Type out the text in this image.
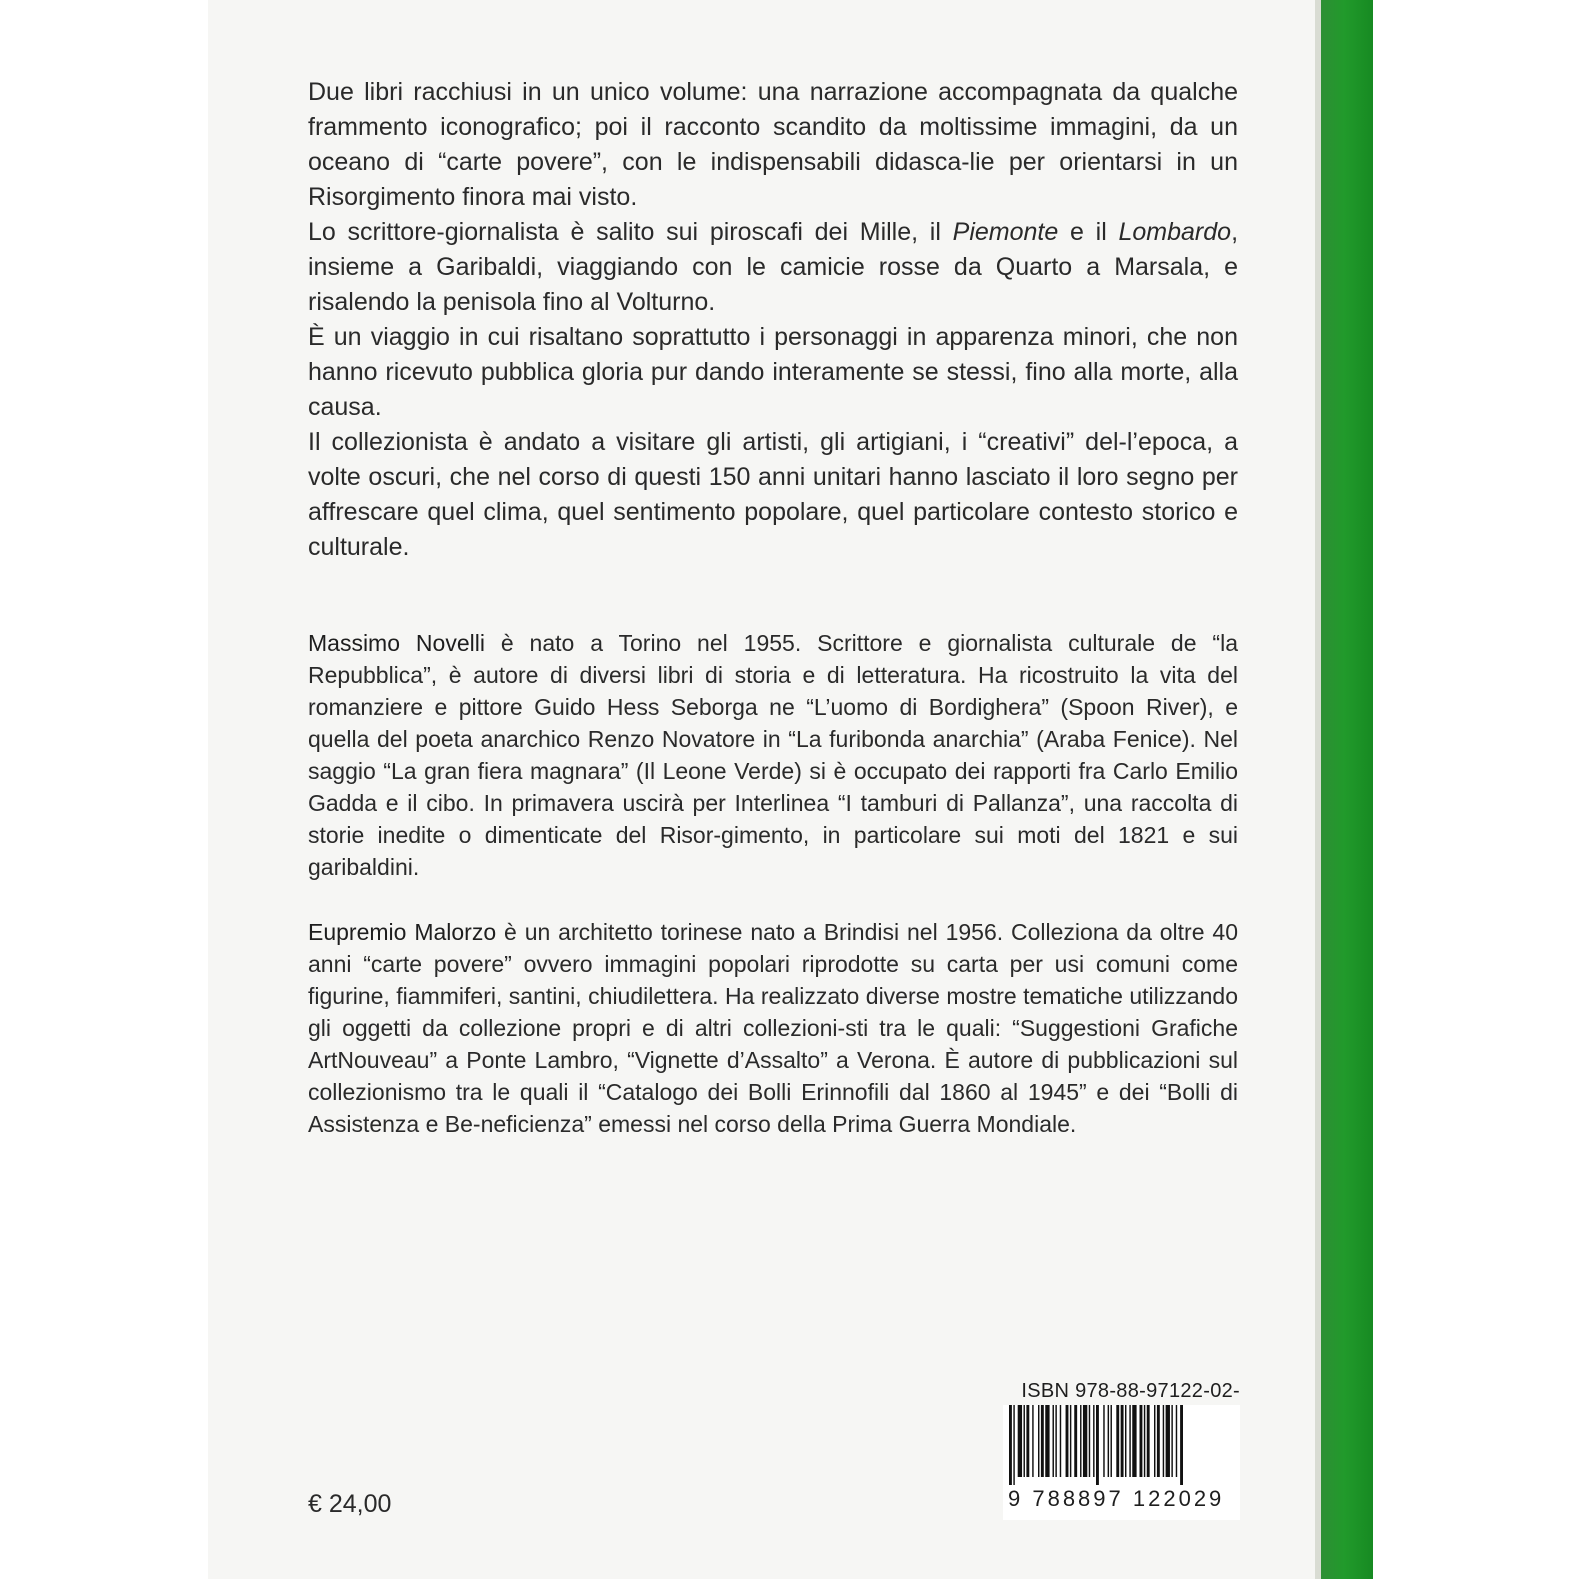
Due libri racchiusi in un unico volume: una narrazione accompagnata da qualche frammento iconografico; poi il racconto scandito da moltissime immagini, da un oceano di “carte povere”, con le indispensabili didasca-lie per orientarsi in un Risorgimento finora mai visto.

Lo scrittore-giornalista è salito sui piroscafi dei Mille, il Piemonte e il Lombardo, insieme a Garibaldi, viaggiando con le camicie rosse da Quarto a Marsala, e risalendo la penisola fino al Volturno.

È un viaggio in cui risaltano soprattutto i personaggi in apparenza minori, che non hanno ricevuto pubblica gloria pur dando interamente se stessi, fino alla morte, alla causa.

Il collezionista è andato a visitare gli artisti, gli artigiani, i “creativi” del-l’epoca, a volte oscuri, che nel corso di questi 150 anni unitari hanno lasciato il loro segno per affrescare quel clima, quel sentimento popolare, quel particolare contesto storico e culturale.

Massimo Novelli è nato a Torino nel 1955. Scrittore e giornalista culturale de “la Repubblica”, è autore di diversi libri di storia e di letteratura. Ha ricostruito la vita del romanziere e pittore Guido Hess Seborga ne “L’uomo di Bordighera” (Spoon River), e quella del poeta anarchico Renzo Novatore in “La furibonda anarchia” (Araba Fenice). Nel saggio “La gran fiera magnara” (Il Leone Verde) si è occupato dei rapporti fra Carlo Emilio Gadda e il cibo. In primavera uscirà per Interlinea “I tamburi di Pallanza”, una raccolta di storie inedite o dimenticate del Risor-gimento, in particolare sui moti del 1821 e sui garibaldini.

Eupremio Malorzo è un architetto torinese nato a Brindisi nel 1956. Colleziona da oltre 40 anni “carte povere” ovvero immagini popolari riprodotte su carta per usi comuni come figurine, fiammiferi, santini, chiudilettera. Ha realizzato diverse mostre tematiche utilizzando gli oggetti da collezione propri e di altri collezioni-sti tra le quali: “Suggestioni Grafiche ArtNouveau” a Ponte Lambro, “Vignette d’Assalto” a Verona. È autore di pubblicazioni sul collezionismo tra le quali il “Catalogo dei Bolli Erinnofili dal 1860 al 1945” e dei “Bolli di Assistenza e Be-neficienza” emessi nel corso della Prima Guerra Mondiale.

€ 24,00
ISBN 978-88-97122-02-
9 788897 122029
